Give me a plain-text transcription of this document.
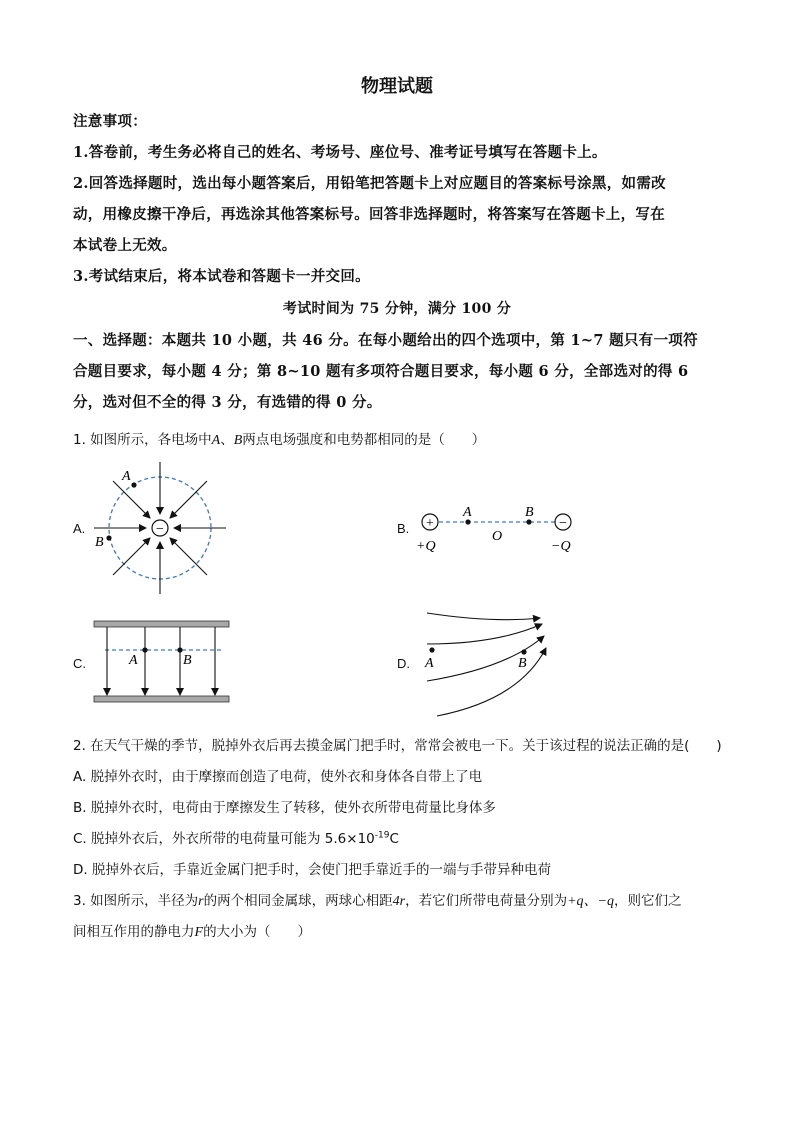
物理试题
注意事项：
1.答卷前，考生务必将自己的姓名、考场号、座位号、准考证号填写在答题卡上。
2.回答选择题时，选出每小题答案后，用铅笔把答题卡上对应题目的答案标号涂黑，如需改
动，用橡皮擦干净后，再选涂其他答案标号。回答非选择题时，将答案写在答题卡上，写在
本试卷上无效。
3.考试结束后，将本试卷和答题卡一并交回。
考试时间为 75 分钟，满分 100 分
一、选择题：本题共 10 小题，共 46 分。在每小题给出的四个选项中，第 1~7 题只有一项符
合题目要求，每小题 4 分；第 8~10 题有多项符合题目要求，每小题 6 分，全部选对的得 6
分，选对但不全的得 3 分，有选错的得 0 分。
1. 如图所示，各电场中A、B两点电场强度和电势都相同的是（　　）
A.	−
A
B
B. +	−
A
O
B
+Q	−Q
C.	A	B	D. A	B
2. 在天气干燥的季节，脱掉外衣后再去摸金属门把手时，常常会被电一下。关于该过程的说法正确的是(　　)
A. 脱掉外衣时，由于摩擦而创造了电荷，使外衣和身体各自带上了电
B. 脱掉外衣时，电荷由于摩擦发生了转移，使外衣所带电荷量比身体多
C. 脱掉外衣后，外衣所带的电荷量可能为 $5.6\times 10^{-19}C$
D. 脱掉外衣后，手靠近金属门把手时，会使门把手靠近手的一端与手带异种电荷
3. 如图所示，半径为r的两个相同金属球，两球心相距4r，若它们所带电荷量分别为+q、−q，则它们之
间相互作用的静电力F的大小为（　　）
